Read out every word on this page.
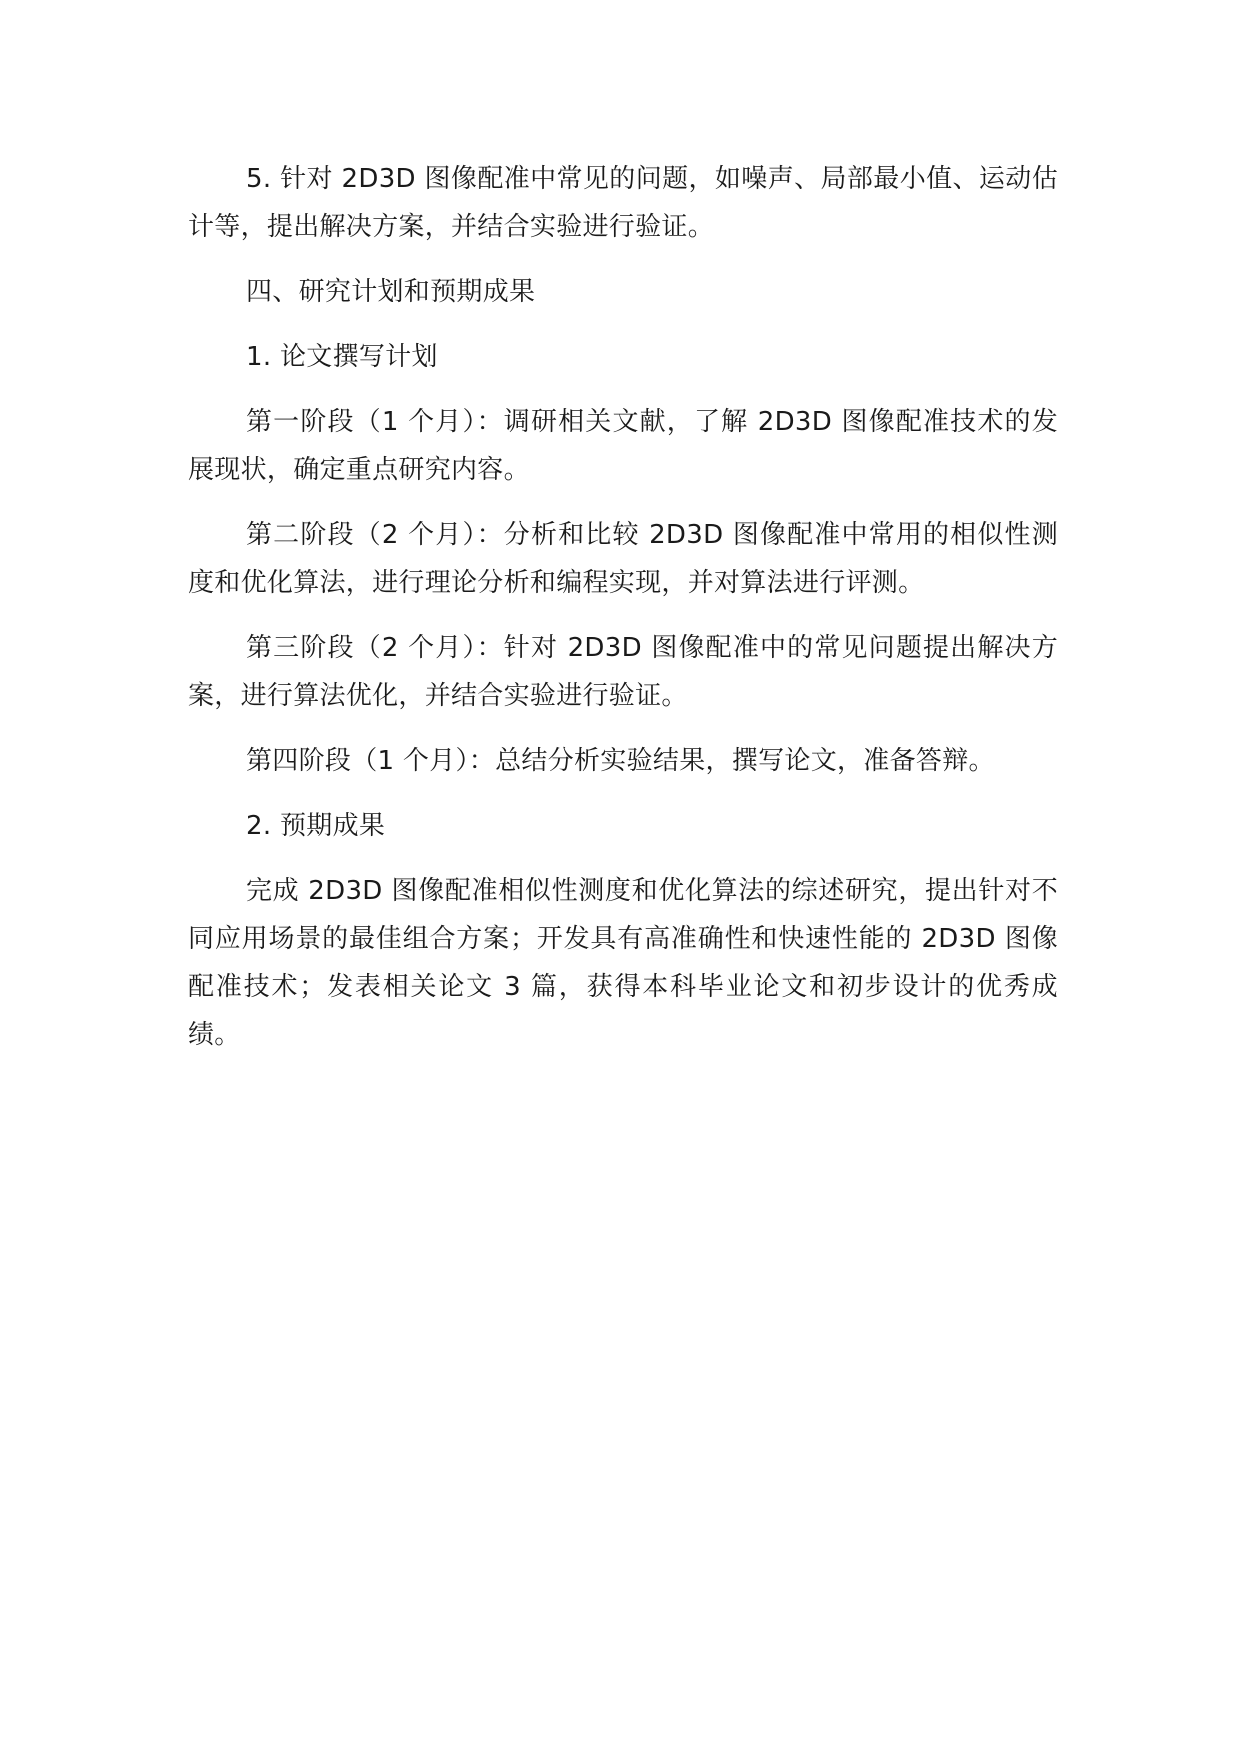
5. 针对 2D3D 图像配准中常见的问题，如噪声、局部最小值、运动估计等，提出解决方案，并结合实验进行验证。

四、研究计划和预期成果

1. 论文撰写计划

第一阶段（1 个月）：调研相关文献，了解 2D3D 图像配准技术的发展现状，确定重点研究内容。

第二阶段（2 个月）：分析和比较 2D3D 图像配准中常用的相似性测度和优化算法，进行理论分析和编程实现，并对算法进行评测。

第三阶段（2 个月）：针对 2D3D 图像配准中的常见问题提出解决方案，进行算法优化，并结合实验进行验证。

第四阶段（1 个月）：总结分析实验结果，撰写论文，准备答辩。

2. 预期成果

完成 2D3D 图像配准相似性测度和优化算法的综述研究，提出针对不同应用场景的最佳组合方案；开发具有高准确性和快速性能的 2D3D 图像配准技术；发表相关论文 3 篇，获得本科毕业论文和初步设计的优秀成绩。
